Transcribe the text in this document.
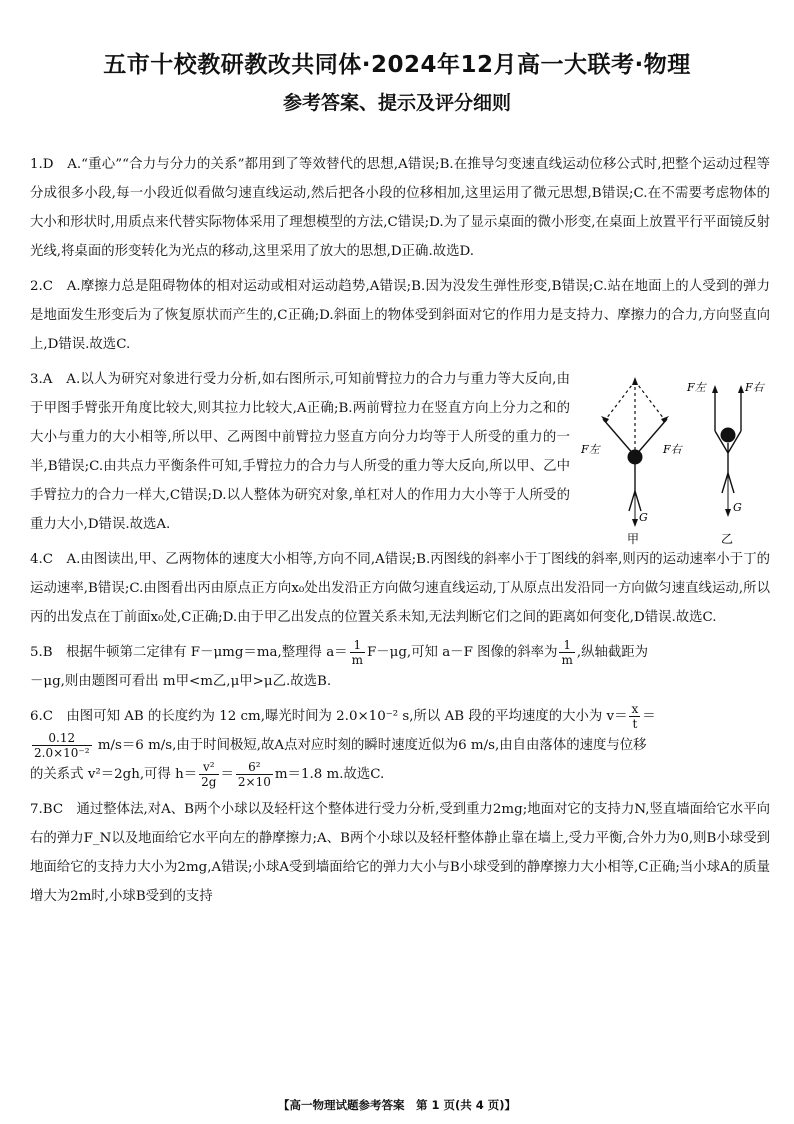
五市十校教研教改共同体·2024年12月高一大联考·物理
参考答案、提示及评分细则

1.D　A.“重心”“合力与分力的关系”都用到了等效替代的思想,A错误;B.在推导匀变速直线运动位移公式时,把整个运动过程等分成很多小段,每一小段近似看做匀速直线运动,然后把各小段的位移相加,这里运用了微元思想,B错误;C.在不需要考虑物体的大小和形状时,用质点来代替实际物体采用了理想模型的方法,C错误;D.为了显示桌面的微小形变,在桌面上放置平行平面镜反射光线,将桌面的形变转化为光点的移动,这里采用了放大的思想,D正确.故选D.

2.C　A.摩擦力总是阻碍物体的相对运动或相对运动趋势,A错误;B.因为没发生弹性形变,B错误;C.站在地面上的人受到的弹力是地面发生形变后为了恢复原状而产生的,C正确;D.斜面上的物体受到斜面对它的作用力是支持力、摩擦力的合力,方向竖直向上,D错误.故选C.

3.A　A.以人为研究对象进行受力分析,如右图所示,可知前臂拉力的合力与重力等大反向,由于甲图手臂张开角度比较大,则其拉力比较大,A正确;B.两前臂拉力在竖直方向上分力之和的大小与重力的大小相等,所以甲、乙两图中前臂拉力竖直方向分力均等于人所受的重力的一半,B错误;C.由共点力平衡条件可知,手臂拉力的合力与人所受的重力等大反向,所以甲、乙中手臂拉力的合力一样大,C错误;D.以人整体为研究对象,单杠对人的作用力大小等于人所受的重力大小,D错误.故选A.

F左	F右
G
甲
F左	F右
G
乙

4.C　A.由图读出,甲、乙两物体的速度大小相等,方向不同,A错误;B.丙图线的斜率小于丁图线的斜率,则丙的运动速率小于丁的运动速率,B错误;C.由图看出丙由原点正方向x₀处出发沿正方向做匀速直线运动,丁从原点出发沿同一方向做匀速直线运动,所以丙的出发点在丁前面x₀处,C正确;D.由于甲乙出发点的位置关系未知,无法判断它们之间的距离如何变化,D错误.故选C.

5.B　根据牛顿第二定律有 F－μmg＝ma,整理得 $a= \frac{1}{m} F-\mu g$,可知 a－F 图像的斜率为 $\frac{1}{m}$ ,纵轴截距为
－μg,则由题图可看出 m甲<m乙,μ甲>μ乙.故选B.

6.C　由图可知 AB 的长度约为 12 cm,曝光时间为 2.0×10⁻² s,所以 AB 段的平均速度的大小为 $v= \frac{x}{t}$ ＝

$\frac{0.12}{\text{2.0×10⁻²}} m/s=6$ m/s,由于时间极短,故A点对应时刻的瞬时速度近似为6 m/s,由自由落体的速度与位移
的关系式 v²＝2gh,可得 $h= \frac{\text{v²}}{2g} = \frac{\text{6²}}{2\times 10} m=1.8$ m.故选C.

7.BC　通过整体法,对A、B两个小球以及轻杆这个整体进行受力分析,受到重力2mg;地面对它的支持力N,竖直墙面给它水平向右的弹力F_N以及地面给它水平向左的静摩擦力;A、B两个小球以及轻杆整体静止靠在墙上,受力平衡,合外力为0,则B小球受到地面给它的支持力大小为2mg,A错误;小球A受到墙面给它的弹力大小与B小球受到的静摩擦力大小相等,C正确;当小球A的质量增大为2m时,小球B受到的支持

【高一物理试题参考答案　第 1 页(共 4 页)】
